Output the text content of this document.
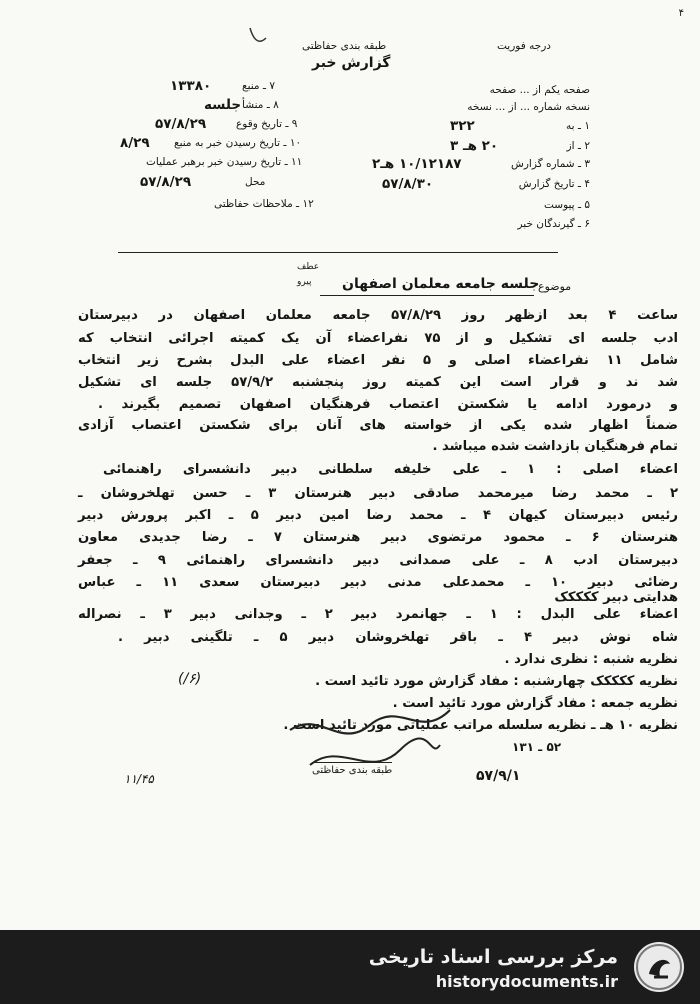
۴
درجه فوریت
طبقه بندی حفاظتی
گزارش خبر
صفحه یکم از ... صفحه
نسخه شماره ... از ... نسخه
۱ ـ به
۳۲۲
۲ ـ از
۲۰ هـ ۳
۳ ـ شماره گزارش
۱۰/۱۲۱۸۷ هـ۲
۴ ـ تاریخ گزارش
۵۷/۸/۳۰
۵ ـ پیوست
۶ ـ گیرندگان خبر
۷ ـ منبع
۱۳۳۸۰
۸ ـ منشأ
جلسه
۹ ـ تاریخ وقوع
۵۷/۸/۲۹
۱۰ ـ تاریخ رسیدن خبر به منبع
۸/۲۹
۱۱ ـ تاریخ رسیدن خبر برهبر عملیات
محل
۵۷/۸/۲۹
۱۲ ـ ملاحظات حفاظتی
عطف
پیرو	موضوع
جلسه جامعه معلمان اصفهان
ساعت ۴ بعد ازظهر روز ۵۷/۸/۲۹ جامعه معلمان اصفهان در دبیرستان
ادب جلسه ای تشکیل و از ۷۵ نفراعضاء آن یک کمیته اجرائی انتخاب که
شامل ۱۱ نفراعضاء اصلی و ۵ نفر اعضاء علی البدل بشرح زیر انتخاب
شد ند و قرار است این کمیته روز پنجشنبه ۵۷/۹/۲ جلسه ای تشکیل
و درمورد ادامه یا شکستن اعتصاب فرهنگیان اصفهان تصمیم بگیرند .
ضمناً اظهار شده یکی از خواسته های آنان برای شکستن اعتصاب آزادی
تمام فرهنگیان بازداشت شده میباشد .
اعضاء اصلی : ۱ ـ علی خلیفه سلطانی دبیر دانشسرای راهنمائی
۲ ـ محمد رضا میرمحمد صادقی دبیر هنرستان ۳ ـ حسن تهلخروشان ـ
رئیس دبیرستان کیهان ۴ ـ محمد رضا امین دبیر ۵ ـ اکبر پرورش دبیر
هنرستان ۶ ـ محمود مرتضوی دبیر هنرستان ۷ ـ رضا جدیدی معاون
دبیرستان ادب ۸ ـ علی صمدانی دبیر دانشسرای راهنمائی ۹ ـ جعفر
رضائی دبیر ۱۰ ـ محمدعلی مدنی دبیر دبیرستان سعدی ۱۱ ـ عباس
هدایتی دبیر ککککک
اعضاء علی البدل : ۱ ـ جهانمرد دبیر ۲ ـ وجدانی دبیر ۳ ـ نصراله
شاه نوش دبیر ۴ ـ باقر تهلخروشان دبیر ۵ ـ تلگینی دبیر .
نظریه شنبه : نظری ندارد .
نظریه ککککک چهارشنبه : مفاد گزارش مورد تائید است .
نظریه جمعه : مفاد گزارش مورد تائید است .
نظریه ۱۰ هـ ـ نظریه سلسله مراتب عملیاتی مورد تائید است .
(۶/)
طبقه بندی حفاظتی
۵۲ ـ ۱۳۱
۵۷/۹/۱
۱۱/۴۵
مرکز بررسی اسناد تاریخی
historydocuments.ir
